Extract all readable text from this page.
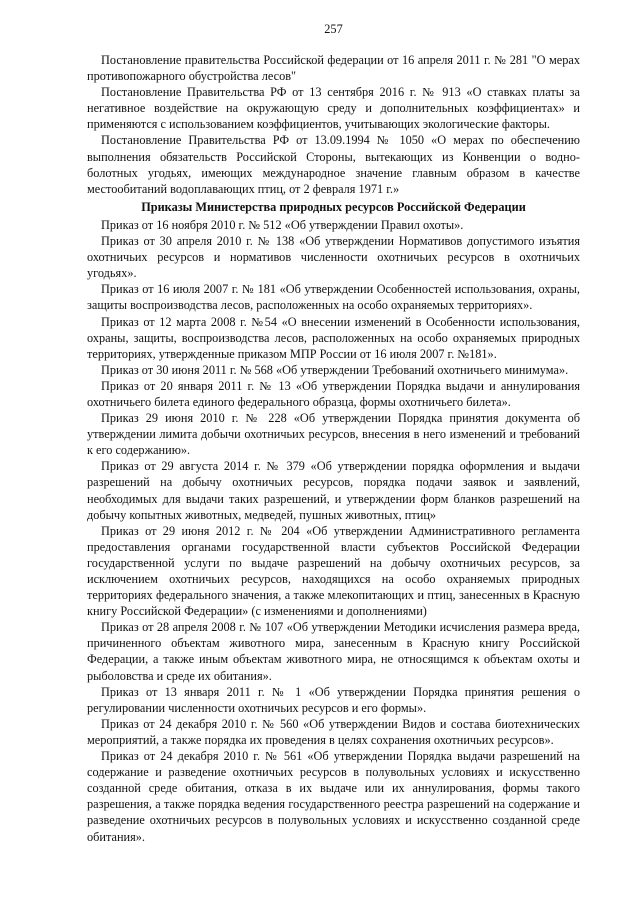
257

Постановление правительства Российской федерации от 16 апреля 2011 г. № 281 "О мерах противопожарного обустройства лесов"

Постановление Правительства РФ от 13 сентября 2016 г. № 913 «О ставках платы за негативное воздействие на окружающую среду и дополнительных коэффициентах» и применяются с использованием коэффициентов, учитывающих экологические факторы.

Постановление Правительства РФ от 13.09.1994 № 1050 «О мерах по обеспечению выполнения обязательств Российской Стороны, вытекающих из Конвенции о водно-болотных угодьях, имеющих международное значение главным образом в качестве местообитаний водоплавающих птиц, от 2 февраля 1971 г.»

Приказы Министерства природных ресурсов Российской Федерации

Приказ от 16 ноября 2010 г. № 512 «Об утверждении Правил охоты».

Приказ от 30 апреля 2010 г. № 138 «Об утверждении Нормативов допустимого изъятия охотничьих ресурсов и нормативов численности охотничьих ресурсов в охотничьих угодьях».

Приказ от 16 июля 2007 г. № 181 «Об утверждении Особенностей использования, охраны, защиты воспроизводства лесов, расположенных на особо охраняемых территориях».

Приказ от 12 марта 2008 г. №54 «О внесении изменений в Особенности использования, охраны, защиты, воспроизводства лесов, расположенных на особо охраняемых природных территориях, утвержденные приказом МПР России от 16 июля 2007 г. №181».

Приказ от 30 июня 2011 г. № 568 «Об утверждении Требований охотничьего минимума».

Приказ от 20 января 2011 г. № 13 «Об утверждении Порядка выдачи и аннулирования охотничьего билета единого федерального образца, формы охотничьего билета».

Приказ 29 июня 2010 г. № 228 «Об утверждении Порядка принятия документа об утверждении лимита добычи охотничьих ресурсов, внесения в него изменений и требований к его содержанию».

Приказ от 29 августа 2014 г. № 379 «Об утверждении порядка оформления и выдачи разрешений на добычу охотничьих ресурсов, порядка подачи заявок и заявлений, необходимых для выдачи таких разрешений, и утверждении форм бланков разрешений на добычу копытных животных, медведей, пушных животных, птиц»

Приказ от 29 июня 2012 г. № 204 «Об утверждении Административного регламента предоставления органами государственной власти субъектов Российской Федерации государственной услуги по выдаче разрешений на добычу охотничьих ресурсов, за исключением охотничьих ресурсов, находящихся на особо охраняемых природных территориях федерального значения, а также млекопитающих и птиц, занесенных в Красную книгу Российской Федерации» (с изменениями и дополнениями)

Приказ от 28 апреля 2008 г. № 107 «Об утверждении Методики исчисления размера вреда, причиненного объектам животного мира, занесенным в Красную книгу Российской Федерации, а также иным объектам животного мира, не относящимся к объектам охоты и рыболовства и среде их обитания».

Приказ от 13 января 2011 г. № 1 «Об утверждении Порядка принятия решения о регулировании численности охотничьих ресурсов и его формы».

Приказ от 24 декабря 2010 г. № 560 «Об утверждении Видов и состава биотехнических мероприятий, а также порядка их проведения в целях сохранения охотничьих ресурсов».

Приказ от 24 декабря 2010 г. № 561 «Об утверждении Порядка выдачи разрешений на содержание и разведение охотничьих ресурсов в полувольных условиях и искусственно созданной среде обитания, отказа в их выдаче или их аннулирования, формы такого разрешения, а также порядка ведения государственного реестра разрешений на содержание и разведение охотничьих ресурсов в полувольных условиях и искусственно созданной среде обитания».
